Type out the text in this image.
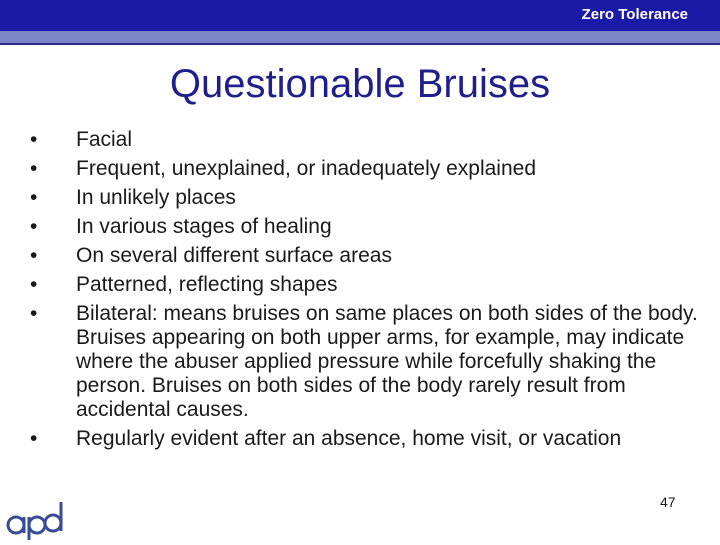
Zero Tolerance
Questionable Bruises
• Facial
• Frequent, unexplained, or inadequately explained
• In unlikely places
• In various stages of healing
• On several different surface areas
• Patterned, reflecting shapes
• Bilateral: means bruises on same places on both sides of the body. Bruises appearing on both upper arms, for example, may indicate where the abuser applied pressure while forcefully shaking the person. Bruises on both sides of the body rarely result from accidental causes.
• Regularly evident after an absence, home visit, or vacation
47
